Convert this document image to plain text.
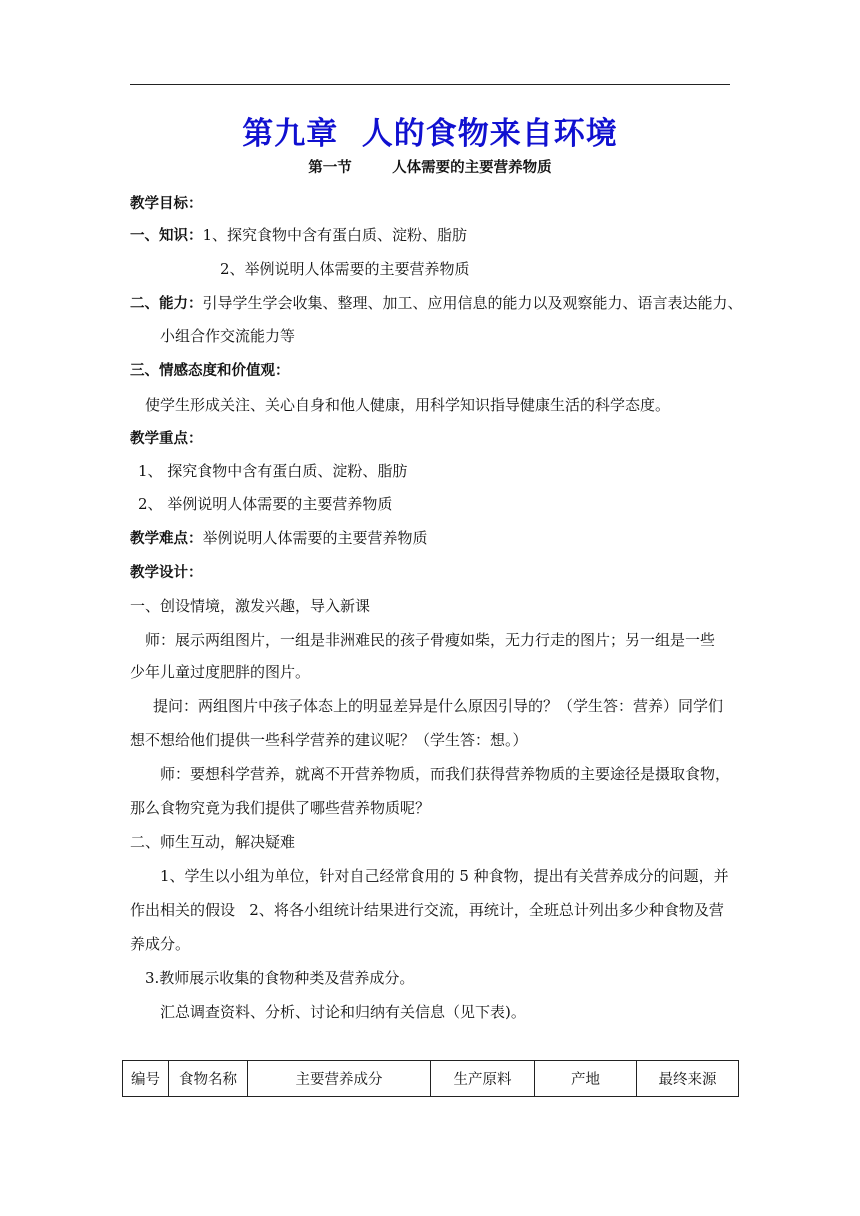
第九章  人的食物来自环境
第一节        人体需要的主要营养物质
教学目标：
一、知识：1、探究食物中含有蛋白质、淀粉、脂肪
2、举例说明人体需要的主要营养物质
二、能力：引导学生学会收集、整理、加工、应用信息的能力以及观察能力、语言表达能力、
小组合作交流能力等
三、情感态度和价值观：
使学生形成关注、关心自身和他人健康，用科学知识指导健康生活的科学态度。
教学重点：
1、 探究食物中含有蛋白质、淀粉、脂肪
2、 举例说明人体需要的主要营养物质
教学难点：举例说明人体需要的主要营养物质
教学设计：
一、创设情境，激发兴趣，导入新课
师：展示两组图片，一组是非洲难民的孩子骨瘦如柴，无力行走的图片；另一组是一些
少年儿童过度肥胖的图片。
提问：两组图片中孩子体态上的明显差异是什么原因引导的？（学生答：营养）同学们
想不想给他们提供一些科学营养的建议呢？（学生答：想。）
师：要想科学营养，就离不开营养物质，而我们获得营养物质的主要途径是摄取食物，
那么食物究竟为我们提供了哪些营养物质呢？
二、师生互动，解决疑难
1、学生以小组为单位，针对自己经常食用的 5 种食物，提出有关营养成分的问题，并
作出相关的假设   2、将各小组统计结果进行交流，再统计，全班总计列出多少种食物及营
养成分。
3.教师展示收集的食物种类及营养成分。
汇总调查资料、分析、讨论和归纳有关信息（见下表)。
编号	食物名称	主要营养成分	生产原料	产地	最终来源
